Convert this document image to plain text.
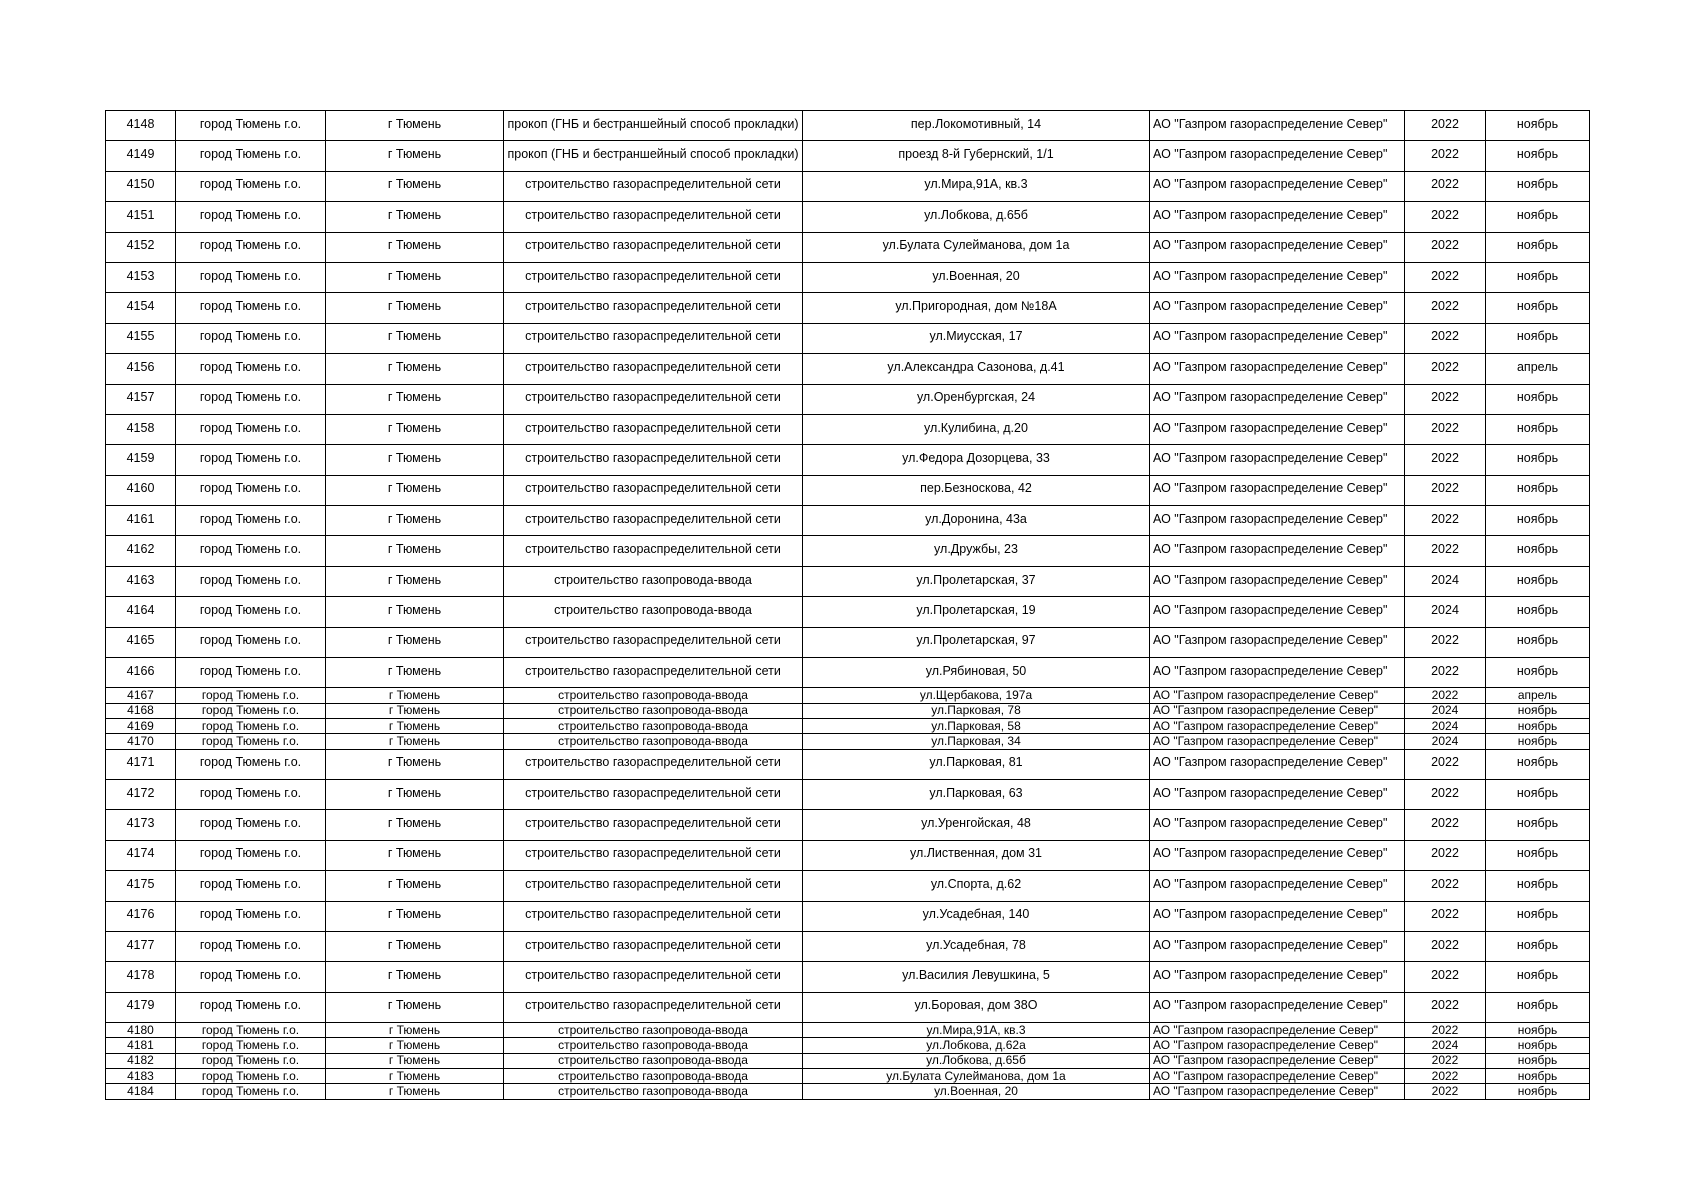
4148	город Тюмень г.о.	г Тюмень	прокоп (ГНБ и бестраншейный способ прокладки)	пер.Локомотивный, 14	АО "Газпром газораспределение Север"	2022	ноябрь
4149	город Тюмень г.о.	г Тюмень	прокоп (ГНБ и бестраншейный способ прокладки)	проезд 8-й Губернский, 1/1	АО "Газпром газораспределение Север"	2022	ноябрь
4150	город Тюмень г.о.	г Тюмень	строительство газораспределительной сети	ул.Мира,91А, кв.3	АО "Газпром газораспределение Север"	2022	ноябрь
4151	город Тюмень г.о.	г Тюмень	строительство газораспределительной сети	ул.Лобкова, д.65б	АО "Газпром газораспределение Север"	2022	ноябрь
4152	город Тюмень г.о.	г Тюмень	строительство газораспределительной сети	ул.Булата Сулейманова, дом 1а	АО "Газпром газораспределение Север"	2022	ноябрь
4153	город Тюмень г.о.	г Тюмень	строительство газораспределительной сети	ул.Военная, 20	АО "Газпром газораспределение Север"	2022	ноябрь
4154	город Тюмень г.о.	г Тюмень	строительство газораспределительной сети	ул.Пригородная, дом №18А	АО "Газпром газораспределение Север"	2022	ноябрь
4155	город Тюмень г.о.	г Тюмень	строительство газораспределительной сети	ул.Миусская, 17	АО "Газпром газораспределение Север"	2022	ноябрь
4156	город Тюмень г.о.	г Тюмень	строительство газораспределительной сети	ул.Александра Сазонова, д.41	АО "Газпром газораспределение Север"	2022	апрель
4157	город Тюмень г.о.	г Тюмень	строительство газораспределительной сети	ул.Оренбургская, 24	АО "Газпром газораспределение Север"	2022	ноябрь
4158	город Тюмень г.о.	г Тюмень	строительство газораспределительной сети	ул.Кулибина, д.20	АО "Газпром газораспределение Север"	2022	ноябрь
4159	город Тюмень г.о.	г Тюмень	строительство газораспределительной сети	ул.Федора Дозорцева, 33	АО "Газпром газораспределение Север"	2022	ноябрь
4160	город Тюмень г.о.	г Тюмень	строительство газораспределительной сети	пер.Безноскова, 42	АО "Газпром газораспределение Север"	2022	ноябрь
4161	город Тюмень г.о.	г Тюмень	строительство газораспределительной сети	ул.Доронина, 43а	АО "Газпром газораспределение Север"	2022	ноябрь
4162	город Тюмень г.о.	г Тюмень	строительство газораспределительной сети	ул.Дружбы, 23	АО "Газпром газораспределение Север"	2022	ноябрь
4163	город Тюмень г.о.	г Тюмень	строительство газопровода-ввода	ул.Пролетарская, 37	АО "Газпром газораспределение Север"	2024	ноябрь
4164	город Тюмень г.о.	г Тюмень	строительство газопровода-ввода	ул.Пролетарская, 19	АО "Газпром газораспределение Север"	2024	ноябрь
4165	город Тюмень г.о.	г Тюмень	строительство газораспределительной сети	ул.Пролетарская, 97	АО "Газпром газораспределение Север"	2022	ноябрь
4166	город Тюмень г.о.	г Тюмень	строительство газораспределительной сети	ул.Рябиновая, 50	АО "Газпром газораспределение Север"	2022	ноябрь
4167	город Тюмень г.о.	г Тюмень	строительство газопровода-ввода	ул.Щербакова, 197а	АО "Газпром газораспределение Север"	2022	апрель
4168	город Тюмень г.о.	г Тюмень	строительство газопровода-ввода	ул.Парковая, 78	АО "Газпром газораспределение Север"	2024	ноябрь
4169	город Тюмень г.о.	г Тюмень	строительство газопровода-ввода	ул.Парковая, 58	АО "Газпром газораспределение Север"	2024	ноябрь
4170	город Тюмень г.о.	г Тюмень	строительство газопровода-ввода	ул.Парковая, 34	АО "Газпром газораспределение Север"	2024	ноябрь
4171	город Тюмень г.о.	г Тюмень	строительство газораспределительной сети	ул.Парковая, 81	АО "Газпром газораспределение Север"	2022	ноябрь
4172	город Тюмень г.о.	г Тюмень	строительство газораспределительной сети	ул.Парковая, 63	АО "Газпром газораспределение Север"	2022	ноябрь
4173	город Тюмень г.о.	г Тюмень	строительство газораспределительной сети	ул.Уренгойская, 48	АО "Газпром газораспределение Север"	2022	ноябрь
4174	город Тюмень г.о.	г Тюмень	строительство газораспределительной сети	ул.Лиственная, дом 31	АО "Газпром газораспределение Север"	2022	ноябрь
4175	город Тюмень г.о.	г Тюмень	строительство газораспределительной сети	ул.Спорта, д.62	АО "Газпром газораспределение Север"	2022	ноябрь
4176	город Тюмень г.о.	г Тюмень	строительство газораспределительной сети	ул.Усадебная, 140	АО "Газпром газораспределение Север"	2022	ноябрь
4177	город Тюмень г.о.	г Тюмень	строительство газораспределительной сети	ул.Усадебная, 78	АО "Газпром газораспределение Север"	2022	ноябрь
4178	город Тюмень г.о.	г Тюмень	строительство газораспределительной сети	ул.Василия Левушкина, 5	АО "Газпром газораспределение Север"	2022	ноябрь
4179	город Тюмень г.о.	г Тюмень	строительство газораспределительной сети	ул.Боровая, дом 38О	АО "Газпром газораспределение Север"	2022	ноябрь
4180	город Тюмень г.о.	г Тюмень	строительство газопровода-ввода	ул.Мира,91А, кв.3	АО "Газпром газораспределение Север"	2022	ноябрь
4181	город Тюмень г.о.	г Тюмень	строительство газопровода-ввода	ул.Лобкова, д.62а	АО "Газпром газораспределение Север"	2024	ноябрь
4182	город Тюмень г.о.	г Тюмень	строительство газопровода-ввода	ул.Лобкова, д.65б	АО "Газпром газораспределение Север"	2022	ноябрь
4183	город Тюмень г.о.	г Тюмень	строительство газопровода-ввода	ул.Булата Сулейманова, дом 1а	АО "Газпром газораспределение Север"	2022	ноябрь
4184	город Тюмень г.о.	г Тюмень	строительство газопровода-ввода	ул.Военная, 20	АО "Газпром газораспределение Север"	2022	ноябрь
